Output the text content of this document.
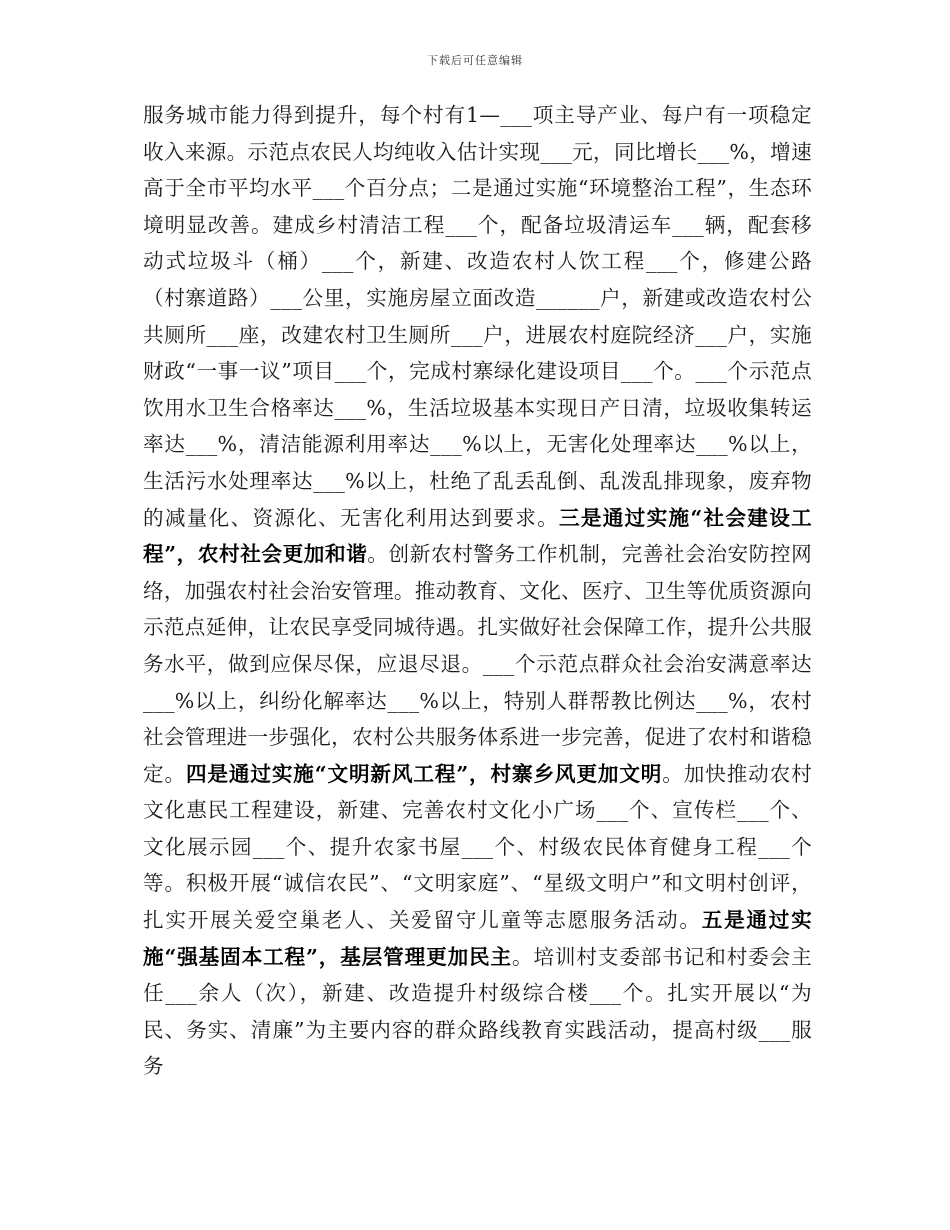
下载后可任意编辑

服务城市能力得到提升，每个村有1—___项主导产业、每户有一项稳定收入来源。示范点农民人均纯收入估计实现___元，同比增长___%，增速高于全市平均水平___个百分点；二是通过实施“环境整治工程”，生态环境明显改善。建成乡村清洁工程___个，配备垃圾清运车___辆，配套移动式垃圾斗（桶）___个，新建、改造农村人饮工程___个，修建公路（村寨道路）___公里，实施房屋立面改造______户，新建或改造农村公共厕所___座，改建农村卫生厕所___户，进展农村庭院经济___户，实施财政“一事一议”项目___个，完成村寨绿化建设项目___个。___个示范点饮用水卫生合格率达___%，生活垃圾基本实现日产日清，垃圾收集转运率达___%，清洁能源利用率达___%以上，无害化处理率达___%以上，生活污水处理率达___%以上，杜绝了乱丢乱倒、乱泼乱排现象，废弃物的减量化、资源化、无害化利用达到要求。三是通过实施“社会建设工程”，农村社会更加和谐。创新农村警务工作机制，完善社会治安防控网络，加强农村社会治安管理。推动教育、文化、医疗、卫生等优质资源向示范点延伸，让农民享受同城待遇。扎实做好社会保障工作，提升公共服务水平，做到应保尽保，应退尽退。___个示范点群众社会治安满意率达___%以上，纠纷化解率达___%以上，特别人群帮教比例达___%，农村社会管理进一步强化，农村公共服务体系进一步完善，促进了农村和谐稳定。四是通过实施“文明新风工程”，村寨乡风更加文明。加快推动农村文化惠民工程建设，新建、完善农村文化小广场___个、宣传栏___个、文化展示园___个、提升农家书屋___个、村级农民体育健身工程___个等。积极开展“诚信农民”、“文明家庭”、“星级文明户”和文明村创评，扎实开展关爱空巢老人、关爱留守儿童等志愿服务活动。五是通过实施“强基固本工程”，基层管理更加民主。培训村支委部书记和村委会主任___余人（次），新建、改造提升村级综合楼___个。扎实开展以“为民、务实、清廉”为主要内容的群众路线教育实践活动，提高村级___服务
